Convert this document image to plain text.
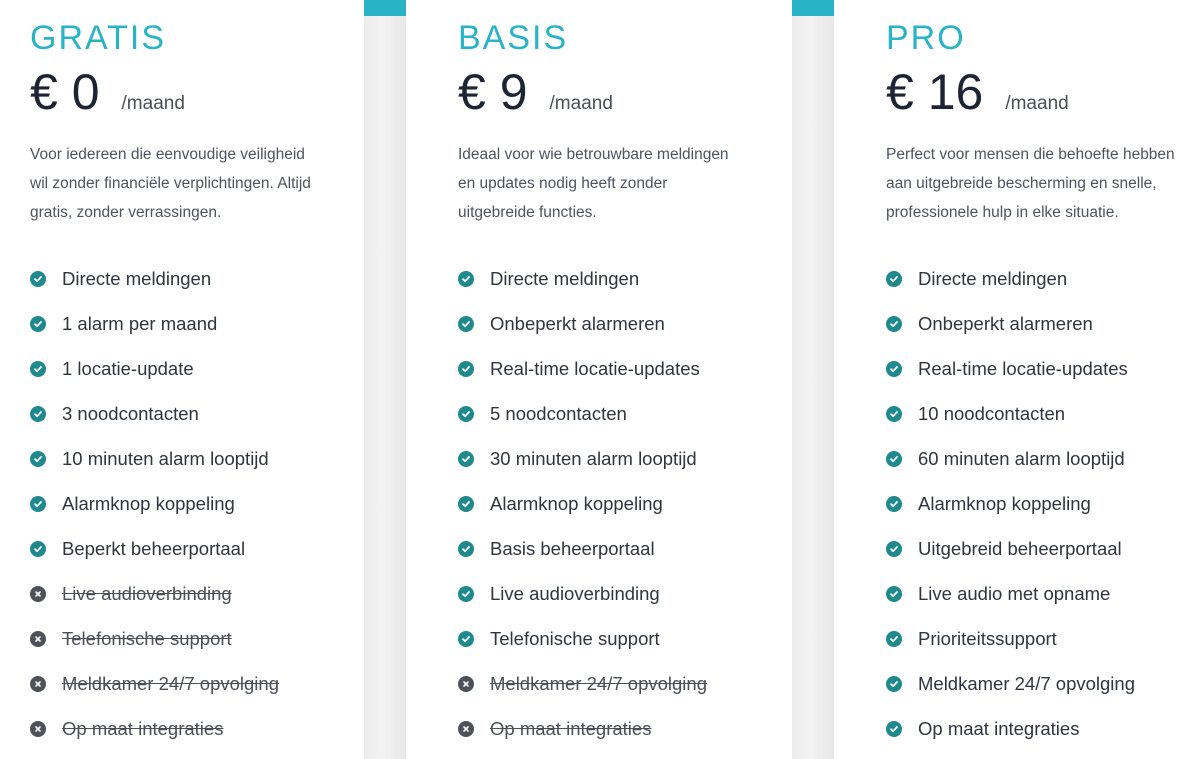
GRATIS
€ 0 /maand
Voor iedereen die eenvoudige veiligheid wil zonder financiële verplichtingen. Altijd gratis, zonder verrassingen.
Directe meldingen
1 alarm per maand
1 locatie-update
3 noodcontacten
10 minuten alarm looptijd
Alarmknop koppeling
Beperkt beheerportaal
Live audioverbinding
Telefonische support
Meldkamer 24/7 opvolging
Op maat integraties
BASIS
€ 9 /maand
Ideaal voor wie betrouwbare meldingen en updates nodig heeft zonder uitgebreide functies.
Directe meldingen
Onbeperkt alarmeren
Real-time locatie-updates
5 noodcontacten
30 minuten alarm looptijd
Alarmknop koppeling
Basis beheerportaal
Live audioverbinding
Telefonische support
Meldkamer 24/7 opvolging
Op maat integraties
PRO
€ 16 /maand
Perfect voor mensen die behoefte hebben aan uitgebreide bescherming en snelle, professionele hulp in elke situatie.
Directe meldingen
Onbeperkt alarmeren
Real-time locatie-updates
10 noodcontacten
60 minuten alarm looptijd
Alarmknop koppeling
Uitgebreid beheerportaal
Live audio met opname
Prioriteitssupport
Meldkamer 24/7 opvolging
Op maat integraties
